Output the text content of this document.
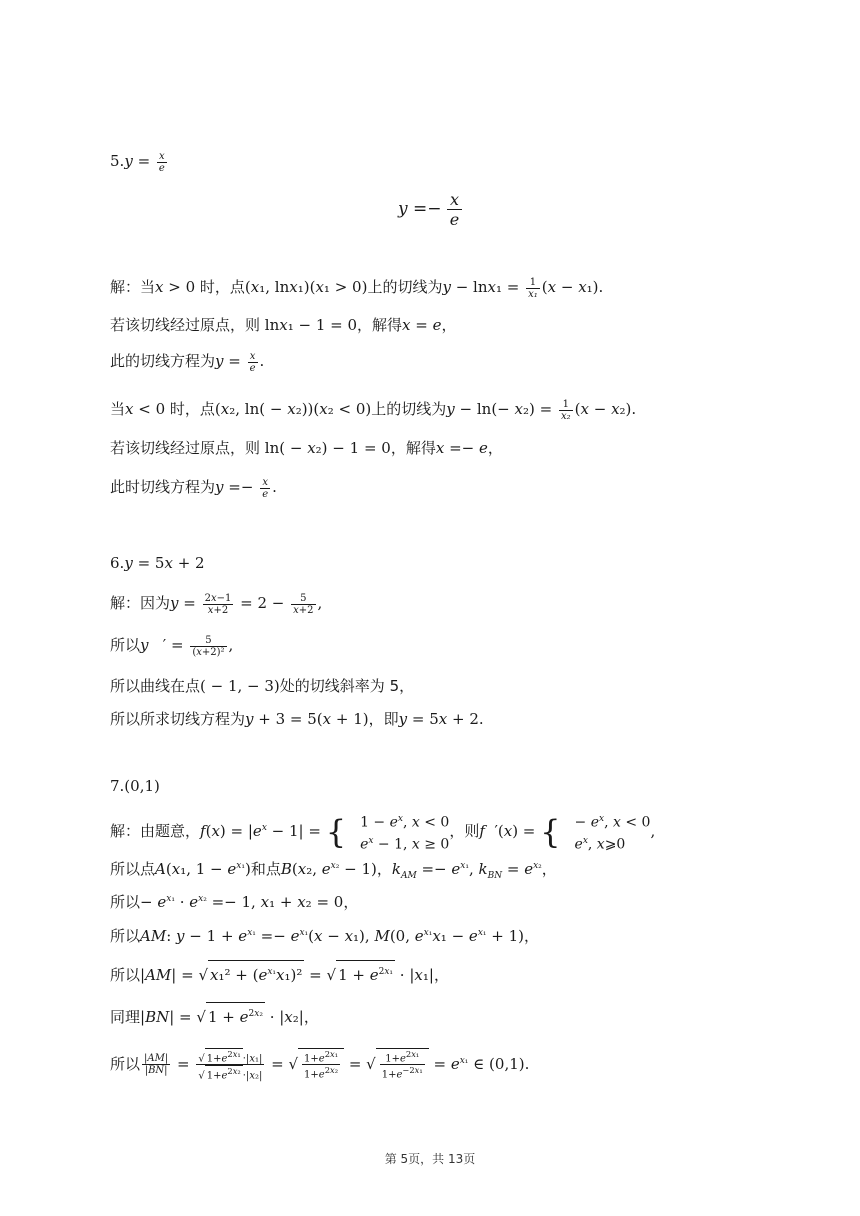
$5.y = \frac{x}{e}$
$y =- \frac{x}{e}$
解：当x > 0 时，点(x₁, lnx₁)(x₁ > 0)上的切线为$y - \ln x_1 = \frac{1}{\text{x₁}} (x - x_1)$.
若该切线经过原点，则 lnx₁ − 1 = 0，解得x = e，
此的切线方程为$y = \frac{x}{e}$ .
当x < 0 时，点(x₂, ln( − x₂))(x₂ < 0)上的切线为$y - \ln(- x_2) = \frac{1}{\text{x₂}} (x - x_2)$.
若该切线经过原点，则 ln( − x₂) − 1 = 0，解得x =− e，
此时切线方程为$y =- \frac{x}{e}$ .
6.y = 5x + 2
解：因为$y = \frac{2x-1}{x+2} = 2 - \frac{5}{x+2}$ ,
所以y   ′ = $\frac{5}{\text{(x+2)²}}$ ,
所以曲线在点( − 1, − 3)处的切线斜率为 5，
所以所求切线方程为y + 3 = 5(x + 1)，即y = 5x + 2.
7.(0,1)
解：由题意，$f(x) = |e^x - 1|$ = { $1 - e^x$, x < 0
$e^x - 1$, x ≥ 0
，则f  ′(x) = { − $e^x$, x < 0
$e^x$, x⩾0
,
所以点A(x₁, $1 - e^{x_1}$)和点B(x₂, $e^{x_2} - 1$)，$k_{AM} =- e^{x_1}$, $k_{BN} = e^{x_2}$，
所以− $e^{x_1} \cdot e^{x_2} =- 1$, x₁ + x₂ = 0，
所以AM: $y - 1 + e^{x_1} =- e^{x_1}(x - x_1)$, M(0, $e^{x_1}x_1 - e^{x_1} + 1$)，
所以|AM| = √ $x_1^2 + (e^{x_1}x_1)^2$ = √ $1 + e^{2x_1} \cdot |x_1|$，
同理|BN| = √ $1 + e^{2x_2} \cdot |x_2|$，
所以 $\frac{|AM|}{|BN|} = \frac{√ 1+e^{2x_1} \cdot|x_1|}{√ 1+e^{2x_2} \cdot|x_2|}$ = √ $\frac{1+e^{2x_1}}{1+e^{2x_2}}$ = √ $\frac{1+e^{2x_1}}{1+e^{-2x_1}} = e^{x_1}$ ∈ (0,1).
第 5页，共 13页
